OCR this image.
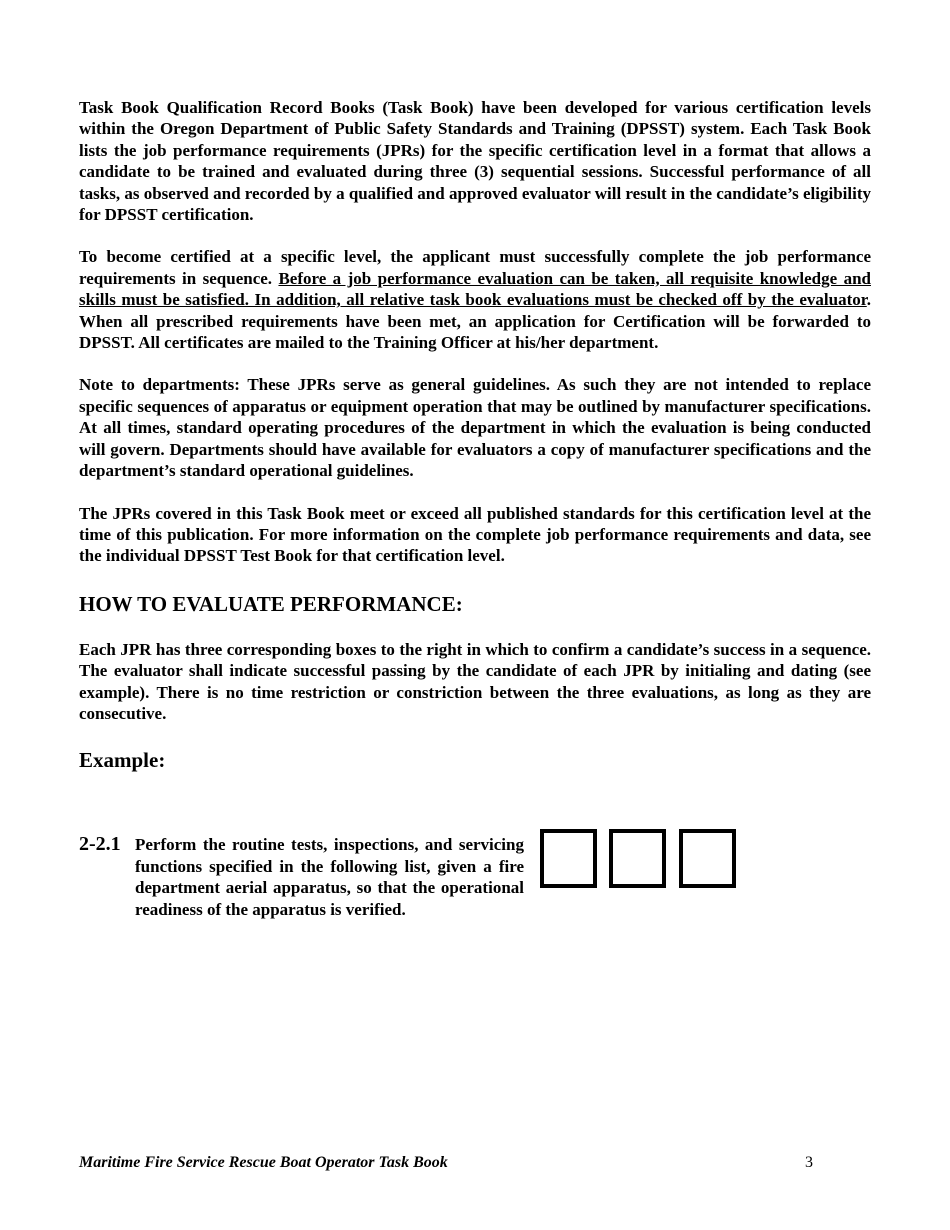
Task Book Qualification Record Books (Task Book) have been developed for various certification levels within the Oregon Department of Public Safety Standards and Training (DPSST) system. Each Task Book lists the job performance requirements (JPRs) for the specific certification level in a format that allows a candidate to be trained and evaluated during three (3) sequential sessions. Successful performance of all tasks, as observed and recorded by a qualified and approved evaluator will result in the candidate’s eligibility for DPSST certification.

To become certified at a specific level, the applicant must successfully complete the job performance requirements in sequence. Before a job performance evaluation can be taken, all requisite knowledge and skills must be satisfied. In addition, all relative task book evaluations must be checked off by the evaluator. When all prescribed requirements have been met, an application for Certification will be forwarded to DPSST. All certificates are mailed to the Training Officer at his/her department.

Note to departments: These JPRs serve as general guidelines. As such they are not intended to replace specific sequences of apparatus or equipment operation that may be outlined by manufacturer specifications. At all times, standard operating procedures of the department in which the evaluation is being conducted will govern. Departments should have available for evaluators a copy of manufacturer specifications and the department’s standard operational guidelines.

The JPRs covered in this Task Book meet or exceed all published standards for this certification level at the time of this publication. For more information on the complete job performance requirements and data, see the individual DPSST Test Book for that certification level.

HOW TO EVALUATE PERFORMANCE:

Each JPR has three corresponding boxes to the right in which to confirm a candidate’s success in a sequence. The evaluator shall indicate successful passing by the candidate of each JPR by initialing and dating (see example). There is no time restriction or constriction between the three evaluations, as long as they are consecutive.

Example:
2-2.1 Perform the routine tests, inspections, and servicing functions specified in the following list, given a fire department aerial apparatus, so that the operational readiness of the apparatus is verified.
Maritime Fire Service Rescue Boat Operator Task Book	3
